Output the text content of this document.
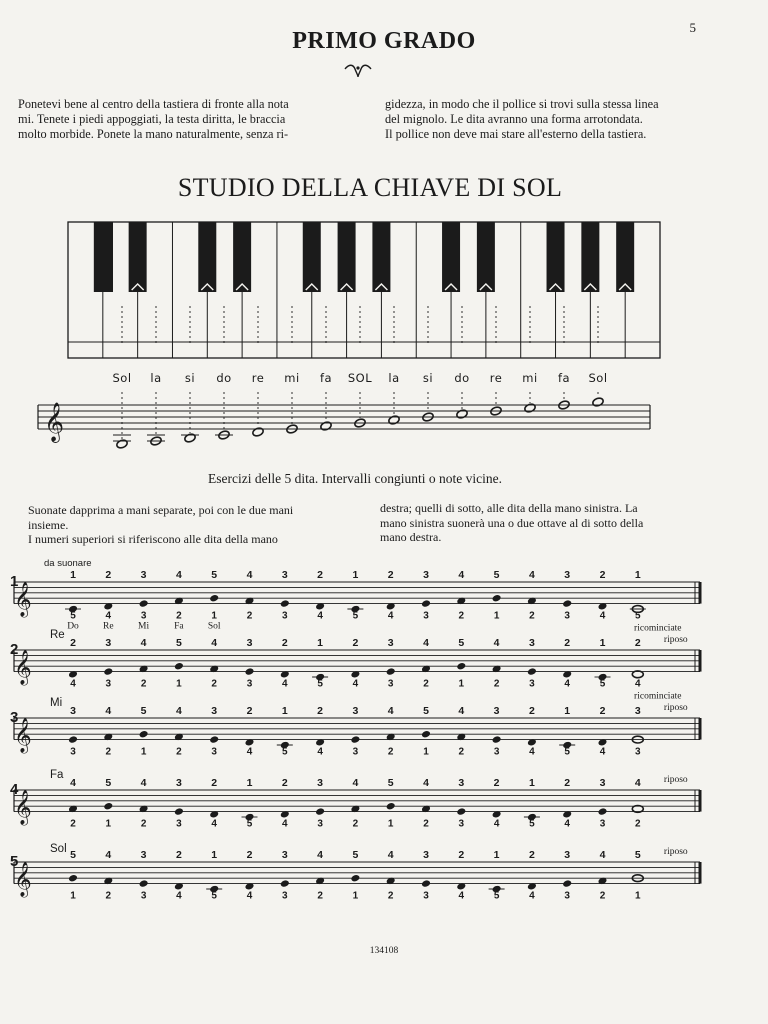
5
PRIMO GRADO
Ponetevi bene al centro della tastiera di fronte alla nota
mi. Tenete i piedi appoggiati, la testa diritta, le braccia
molto morbide. Ponete la mano naturalmente, senza ri-
gidezza, in modo che il pollice si trovi sulla stessa linea
del mignolo. Le dita avranno una forma arrotondata.
Il pollice non deve mai stare all'esterno della tastiera.
STUDIO DELLA CHIAVE DI SOL
Sol la si do re mi fa SOL la si do re mi fa Sol
𝄞
Esercizi delle 5 dita. Intervalli congiunti o note vicine.
Suonate dapprima a mani separate, poi con le due mani
insieme.
I numeri superiori si riferiscono alle dita della mano
destra; quelli di sotto, alle dita della mano sinistra. La
mano sinistra suonerà una o due ottave al di sotto della
mano destra.
1
𝄞
da suonare
1
5
Do
2
4
Re
3
3
Mi
4
2
Fa
5
1
Sol
4
2
3
3
2
4
1
5
2
4
3
3
4
2
5
1
4
2
3
3
2
4
1
5
ricominciate
2
𝄞
Re
2
4
3
3
4
2
5
1
4
2
3
3
2
4
1
5
2
4
3
3
4
2
5
1
4
2
3
3
2
4
1
5
2
4
ricominciate
riposo
3
𝄞
Mi
3
3
4
2
5
1
4
2
3
3
2
4
1
5
2
4
3
3
4
2
5
1
4
2
3
3
2
4
1
5
2
4
3
3
riposo
4
𝄞
Fa
4
2
5
1
4
2
3
3
2
4
1
5
2
4
3
3
4
2
5
1
4
2
3
3
2
4
1
5
2
4
3
3
4
2
riposo
5
𝄞
Sol 5
1
4
2
3
3
2
4
1
5
2
4
3
3
4
2
5
1
4
2
3
3
2
4
1
5
2
4
3
3
4
2
5
1
riposo
134108
